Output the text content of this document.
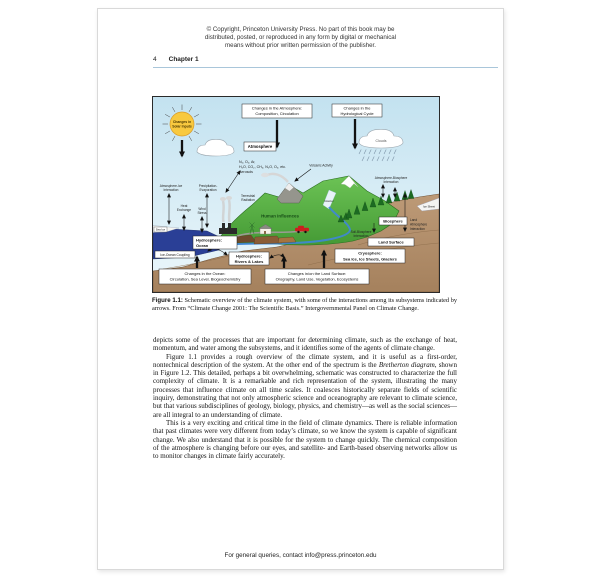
© Copyright, Princeton University Press. No part of this book may be
distributed, posted, or reproduced in any form by digital or mechanical
means without prior written permission of the publisher.
4 Chapter 1
Changes in
Solar Inputs
Clouds
Changes in the Atmosphere:
Composition, Circulation
Changes in the
Hydrological Cycle
Atmosphere
N₂, O₂, Ar,
H₂O, CO₂, CH₄, N₂O, O₃, etc.
Aerosols
Volcanic Activity
Atmosphere-Ice
Interaction
Precipitation-
Evaporation
Heat
Exchange Wind
Stress
Terrestrial
Radiation
Human Influences
Glacier
Sea Ice
Hydrosphere:
Ocean
Ice-Ocean Coupling	Hydrosphere:
Rivers & Lakes
Changes in the Ocean:
Circulation, Sea Level, Biogeochemistry
Changes in/on the Land Surface:
Orography, Land Use, Vegetation, Ecosystems
Cryosphere:
Sea Ice, Ice Sheets, Glaciers
Biosphere
Soil-Biosphere
Interaction
Land
Atmosphere
Interaction
Land Surface
Ice Sheet
Atmosphere-Biosphere
Interaction

Figure 1.1: Schematic overview of the climate system, with some of the interactions among its subsystems indicated by arrows. From “Climate Change 2001: The Scientific Basis.” Intergovernmental Panel on Climate Change.

depicts some of the processes that are important for determining climate, such as the exchange of heat, momentum, and water among the subsystems, and it identifies some of the agents of climate change.

Figure 1.1 provides a rough overview of the climate system, and it is useful as a first-order, nontechnical description of the system. At the other end of the spectrum is the Bretherton diagram, shown in Figure 1.2. This detailed, perhaps a bit overwhelming, schematic was constructed to characterize the full complexity of climate. It is a remarkable and rich representation of the system, illustrating the many processes that influence climate on all time scales. It coalesces historically separate fields of scientific inquiry, demonstrating that not only atmospheric science and oceanography are relevant to climate science, but that various subdisciplines of geology, biology, physics, and chemistry—as well as the social sciences—are all integral to an understanding of climate.

This is a very exciting and critical time in the field of climate dynamics. There is reliable information that past climates were very different from today’s climate, so we know the system is capable of significant change. We also understand that it is possible for the system to change quickly. The chemical composition of the atmosphere is changing before our eyes, and satellite- and Earth-based observing networks allow us to monitor changes in climate fairly accurately.

For general queries, contact info@press.princeton.edu
